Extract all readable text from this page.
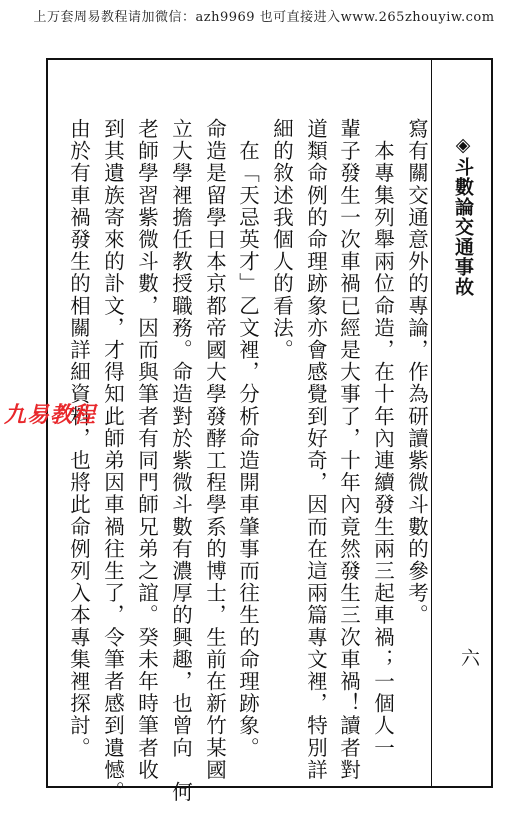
上万套周易教程请加微信：azh9969 也可直接进入www.265zhouyiw.com
◈斗數論交通事故
六
寫有關交通意外的專論，作為研讀紫微斗數的參考。
　本專集列舉兩位命造，在十年內連續發生兩三起車禍；一個人一
輩子發生一次車禍已經是大事了，十年內竟然發生三次車禍！讀者對
道類命例的命理跡象亦會感覺到好奇，因而在這兩篇專文裡，特別詳
細的敘述我個人的看法。
　在「天忌英才」乙文裡，分析命造開車肇事而往生的命理跡象。
命造是留學日本京都帝國大學發酵工程學系的博士，生前在新竹某國
立大學裡擔任教授職務。命造對於紫微斗數有濃厚的興趣，也曾向　何
老師學習紫微斗數，因而與筆者有同門師兄弟之誼。癸未年時筆者收
到其遺族寄來的訃文，才得知此師弟因車禍往生了，令筆者感到遺憾。
由於有車禍發生的相關詳細資料，也將此命例列入本專集裡探討。
九易教程
